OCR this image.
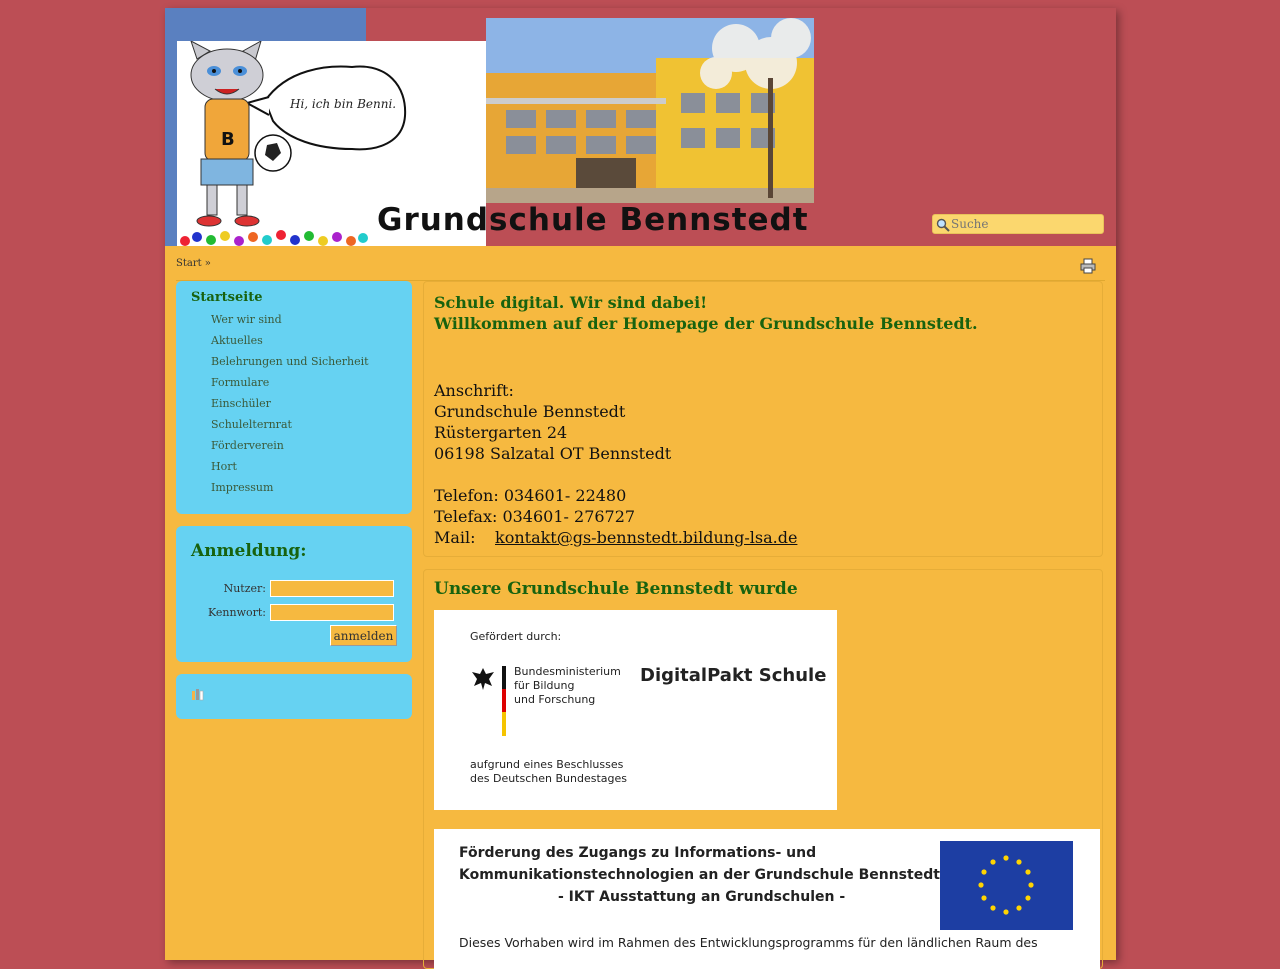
Hi, ich bin Benni.
B
Grundschule Bennstedt
Suche
Start »
Startseite
Wer wir sind
Aktuelles
Belehrungen und Sicherheit
Formulare
Einschüler
Schulelternrat
Förderverein
Hort
Impressum
Anmeldung:
Nutzer:
Kennwort:
anmelden
Schule digital. Wir sind dabei!
Willkommen auf der Homepage der Grundschule Bennstedt.
Anschrift:
Grundschule Bennstedt
Rüstergarten 24
06198 Salzatal OT Bennstedt
Telefon: 034601- 22480
Telefax: 034601- 276727
Mail: kontakt@gs-bennstedt.bildung-lsa.de
Unsere Grundschule Bennstedt wurde
Gefördert durch:
Bundesministerium
für Bildung
und Forschung
DigitalPakt Schule
aufgrund eines Beschlusses
des Deutschen Bundestages
Förderung des Zugangs zu Informations- und
Kommunikationstechnologien an der Grundschule Bennstedt
- IKT Ausstattung an Grundschulen -
Dieses Vorhaben wird im Rahmen des Entwicklungsprogramms für den ländlichen Raum des
